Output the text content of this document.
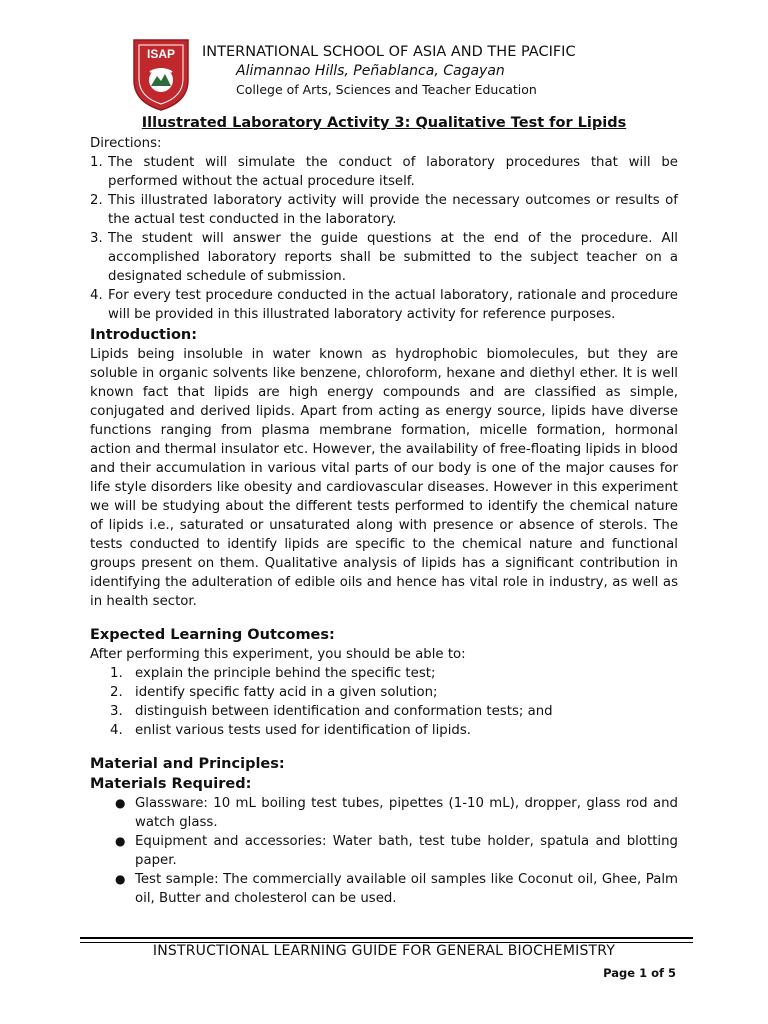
ISAP INTERNATIONAL SCHOOL OF ASIA AND THE PACIFIC
Alimannao Hills, Peñablanca, Cagayan
College of Arts, Sciences and Teacher Education
Illustrated Laboratory Activity 3: Qualitative Test for Lipids
Directions:
1. The student will simulate the conduct of laboratory procedures that will be performed without the actual procedure itself.
2. This illustrated laboratory activity will provide the necessary outcomes or results of the actual test conducted in the laboratory.
3. The student will answer the guide questions at the end of the procedure. All accomplished laboratory reports shall be submitted to the subject teacher on a designated schedule of submission.
4. For every test procedure conducted in the actual laboratory, rationale and procedure will be provided in this illustrated laboratory activity for reference purposes.
Introduction:

Lipids being insoluble in water known as hydrophobic biomolecules, but they are soluble in organic solvents like benzene, chloroform, hexane and diethyl ether. It is well known fact that lipids are high energy compounds and are classified as simple, conjugated and derived lipids. Apart from acting as energy source, lipids have diverse functions ranging from plasma membrane formation, micelle formation, hormonal action and thermal insulator etc. However, the availability of free-floating lipids in blood and their accumulation in various vital parts of our body is one of the major causes for life style disorders like obesity and cardiovascular diseases. However in this experiment we will be studying about the different tests performed to identify the chemical nature of lipids i.e., saturated or unsaturated along with presence or absence of sterols. The tests conducted to identify lipids are specific to the chemical nature and functional groups present on them. Qualitative analysis of lipids has a significant contribution in identifying the adulteration of edible oils and hence has vital role in industry, as well as in health sector.

Expected Learning Outcomes:
After performing this experiment, you should be able to:
1. explain the principle behind the specific test;
2. identify specific fatty acid in a given solution;
3. distinguish between identification and conformation tests; and
4. enlist various tests used for identification of lipids.
Material and Principles:
Materials Required:
● Glassware: 10 mL boiling test tubes, pipettes (1-10 mL), dropper, glass rod and watch glass.
● Equipment and accessories: Water bath, test tube holder, spatula and blotting paper.
● Test sample: The commercially available oil samples like Coconut oil, Ghee, Palm oil, Butter and cholesterol can be used.
INSTRUCTIONAL LEARNING GUIDE FOR GENERAL BIOCHEMISTRY
Page 1 of 5
